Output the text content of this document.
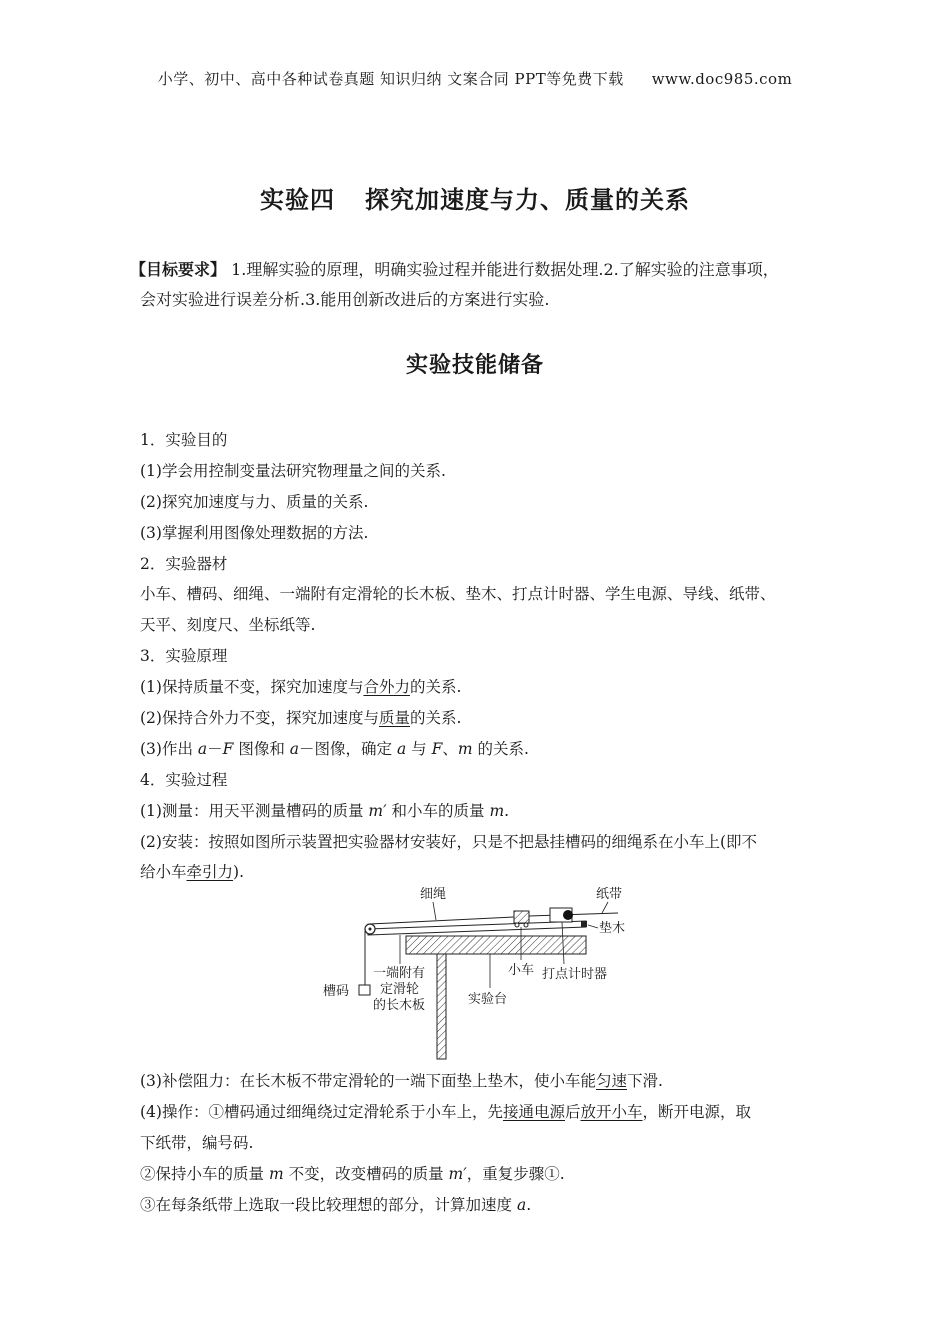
小学、初中、高中各种试卷真题 知识归纳 文案合同 PPT等免费下载 www.doc985.com
实验四 探究加速度与力、质量的关系
【目标要求】 1.理解实验的原理，明确实验过程并能进行数据处理.2.了解实验的注意事项，
会对实验进行误差分析.3.能用创新改进后的方案进行实验.
实验技能储备
1．实验目的
(1)学会用控制变量法研究物理量之间的关系.
(2)探究加速度与力、质量的关系.
(3)掌握利用图像处理数据的方法.
2．实验器材
小车、槽码、细绳、一端附有定滑轮的长木板、垫木、打点计时器、学生电源、导线、纸带、
天平、刻度尺、坐标纸等.
3．实验原理
(1)保持质量不变，探究加速度与合外力的关系.
(2)保持合外力不变，探究加速度与质量的关系.
(3)作出 a－F 图像和 a－图像，确定 a 与 F、m 的关系.
4．实验过程
(1)测量：用天平测量槽码的质量 m′ 和小车的质量 m.
(2)安装：按照如图所示装置把实验器材安装好，只是不把悬挂槽码的细绳系在小车上(即不
给小车牵引力).
细绳	纸带
垫木
槽码
一端附有
定滑轮
的长木板
小车 打点计时器
实验台
(3)补偿阻力：在长木板不带定滑轮的一端下面垫上垫木，使小车能匀速下滑.
(4)操作：①槽码通过细绳绕过定滑轮系于小车上，先接通电源后放开小车，断开电源，取
下纸带，编号码.
②保持小车的质量 m 不变，改变槽码的质量 m′，重复步骤①.
③在每条纸带上选取一段比较理想的部分，计算加速度 a.
